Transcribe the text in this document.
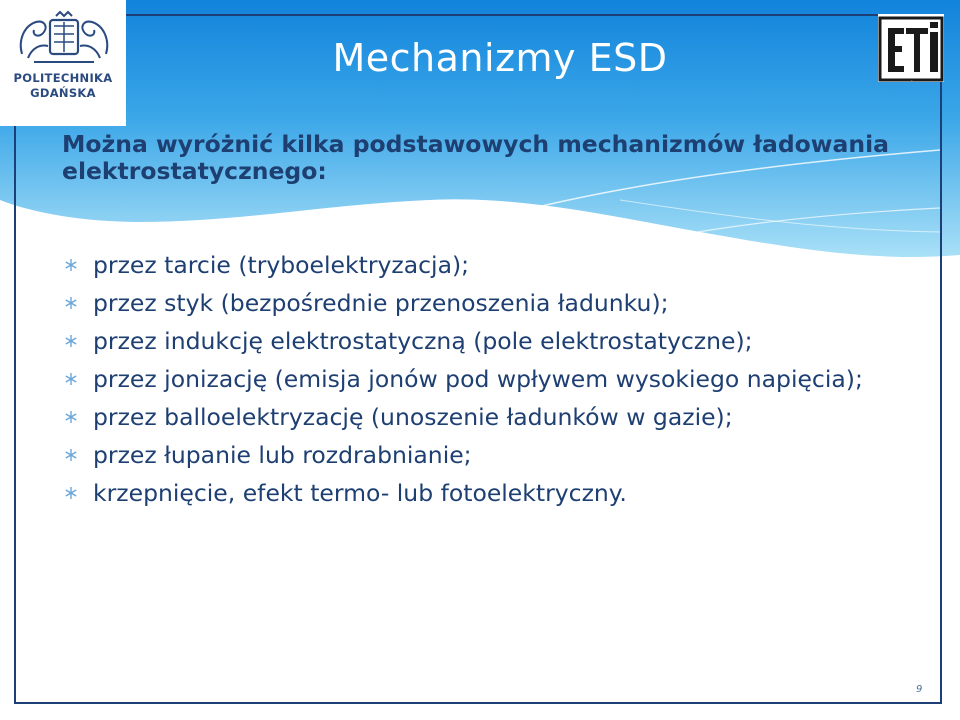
POLITECHNIKA
GDAŃSKA
ETI
Mechanizmy ESD
Można wyróżnić kilka podstawowych mechanizmów ładowania elektrostatycznego:
przez tarcie (tryboelektryzacja);
przez styk (bezpośrednie przenoszenia ładunku);
przez indukcję elektrostatyczną (pole elektrostatyczne);
przez jonizację (emisja jonów pod wpływem wysokiego napięcia);
przez balloelektryzację (unoszenie ładunków w gazie);
przez łupanie lub rozdrabnianie;
krzepnięcie, efekt termo- lub fotoelektryczny.
9
